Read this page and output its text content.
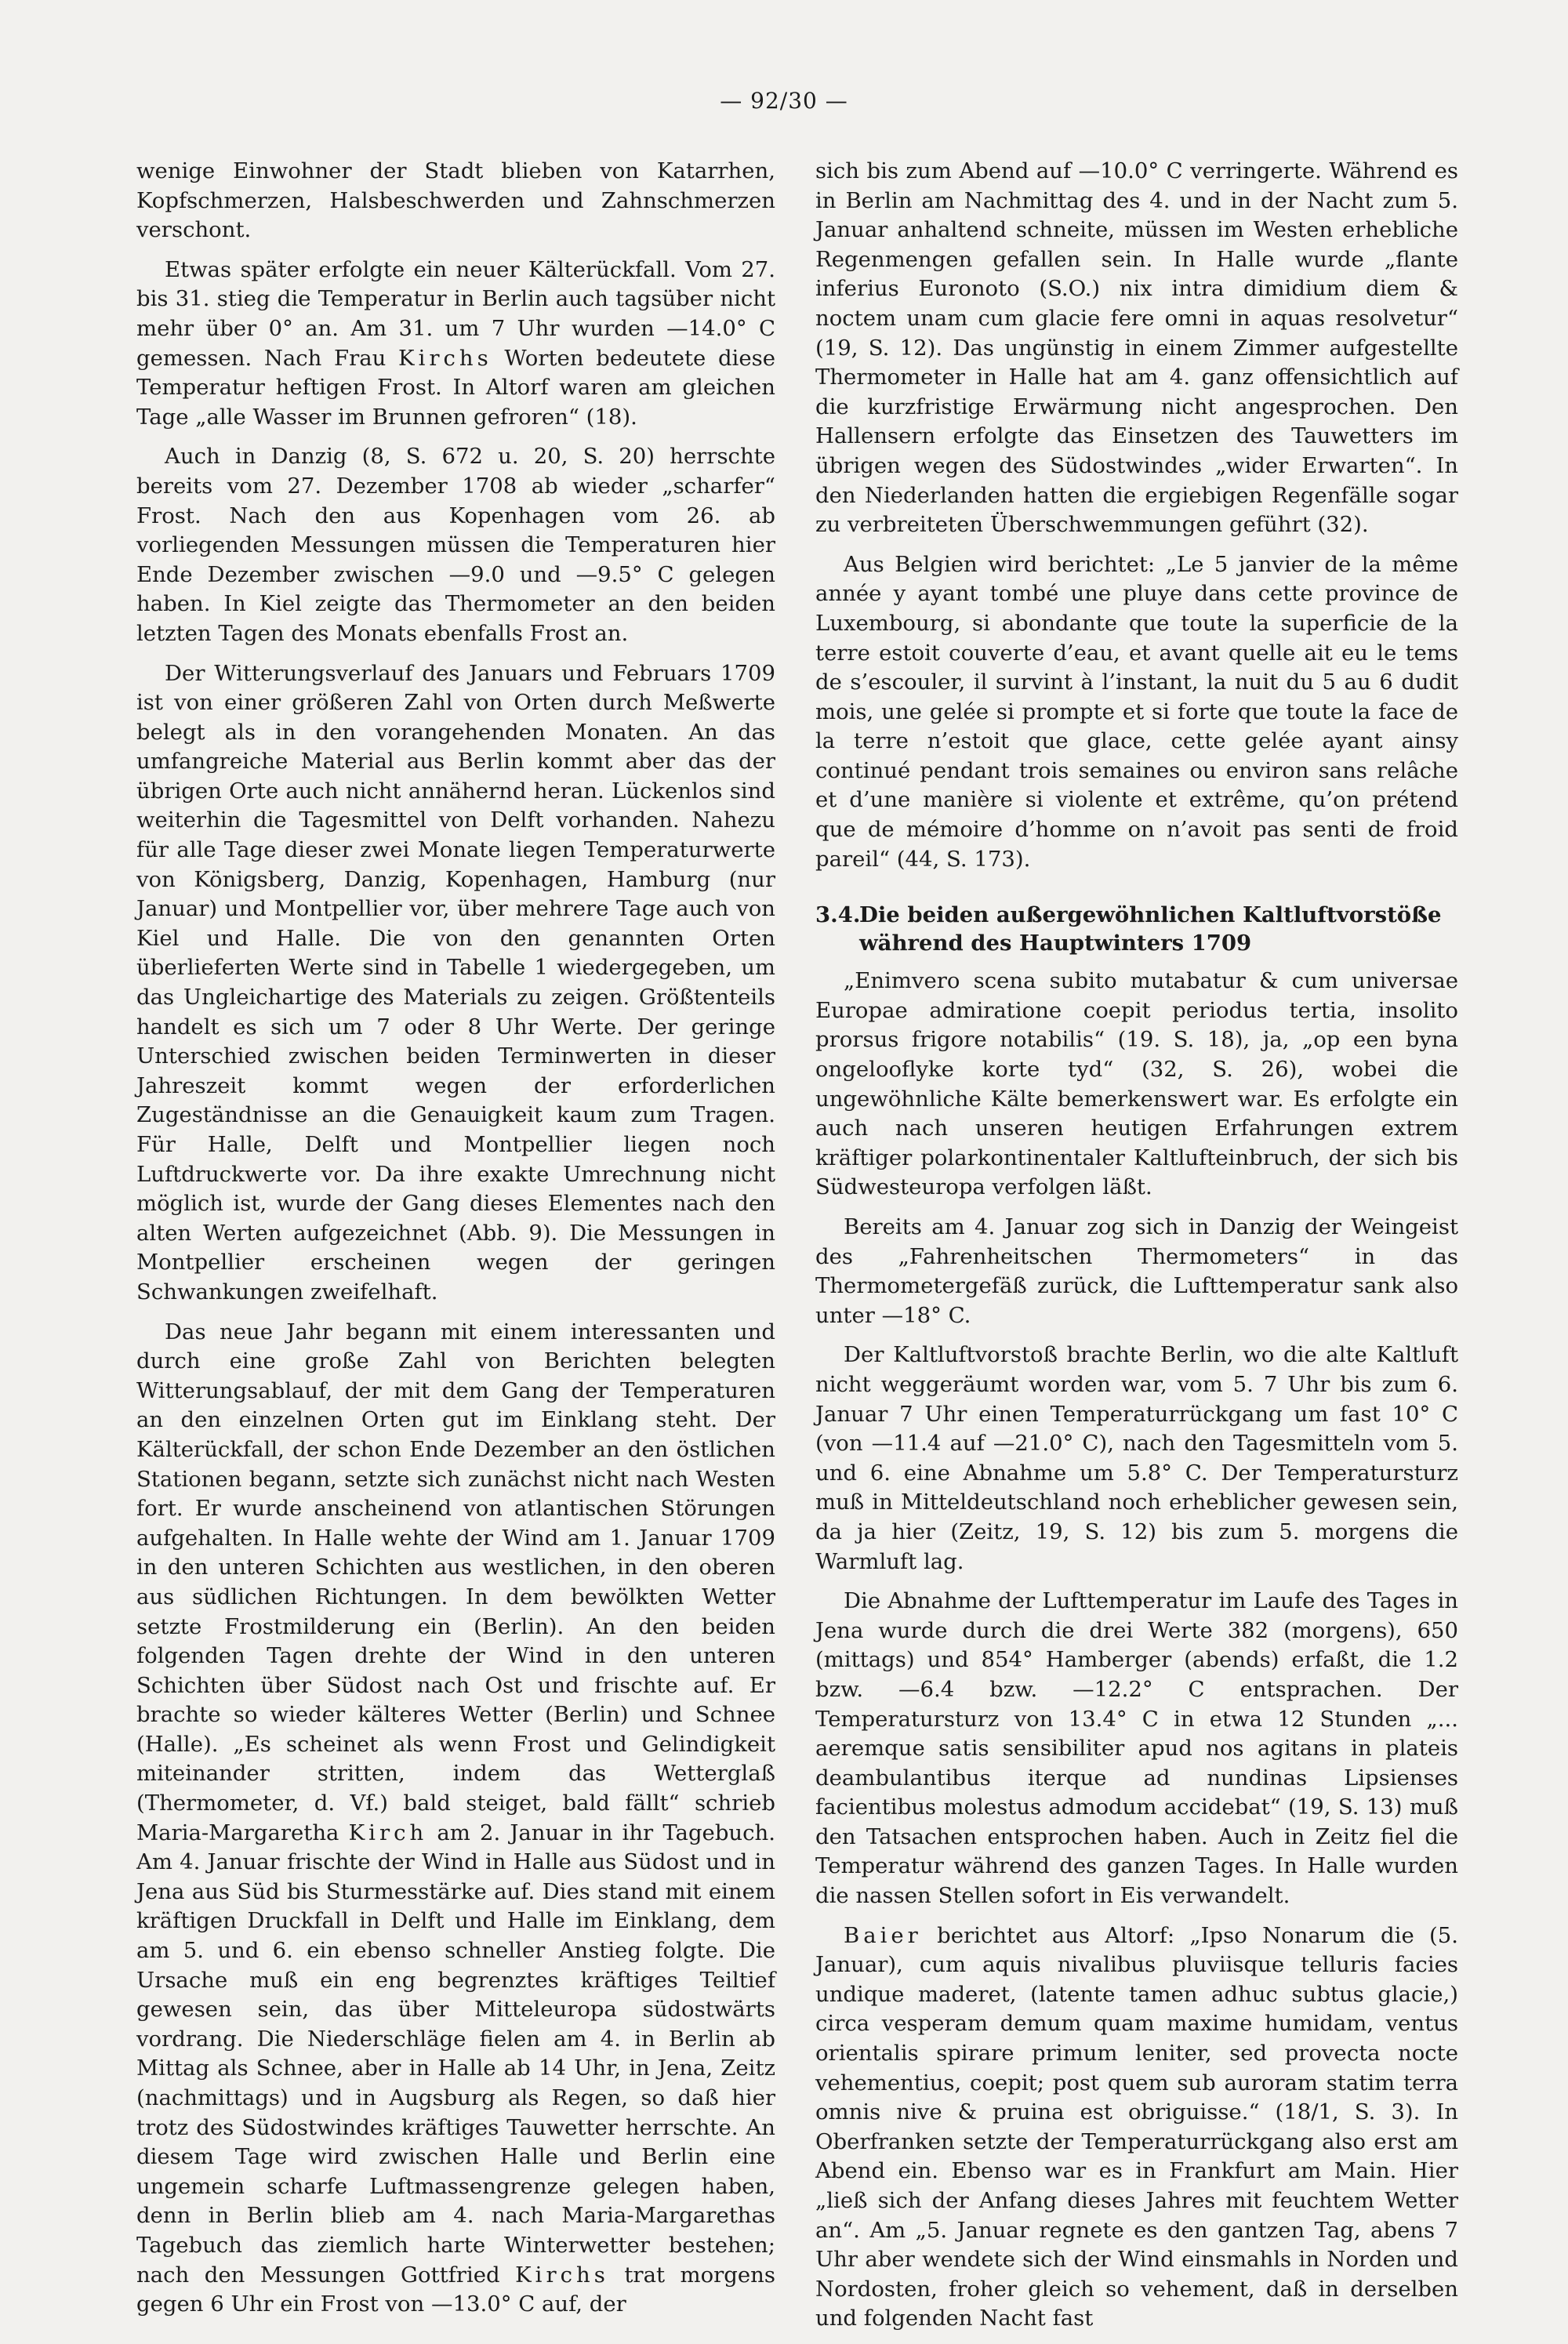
— 92/30 —

wenige Einwohner der Stadt blieben von Katarrhen, Kopfschmerzen, Halsbeschwerden und Zahnschmerzen verschont.

Etwas später erfolgte ein neuer Kälterückfall. Vom 27. bis 31. stieg die Temperatur in Berlin auch tagsüber nicht mehr über 0° an. Am 31. um 7 Uhr wurden —14.0° C gemessen. Nach Frau Kirchs Worten bedeutete diese Temperatur heftigen Frost. In Altorf waren am gleichen Tage „alle Wasser im Brunnen gefroren“ (18).

Auch in Danzig (8, S. 672 u. 20, S. 20) herrschte bereits vom 27. Dezember 1708 ab wieder „scharfer“ Frost. Nach den aus Kopenhagen vom 26. ab vorliegenden Messungen müssen die Temperaturen hier Ende Dezember zwischen —9.0 und —9.5° C gelegen haben. In Kiel zeigte das Thermometer an den beiden letzten Tagen des Monats ebenfalls Frost an.

Der Witterungsverlauf des Januars und Februars 1709 ist von einer größeren Zahl von Orten durch Meßwerte belegt als in den vorangehenden Monaten. An das umfangreiche Material aus Berlin kommt aber das der übrigen Orte auch nicht annähernd heran. Lückenlos sind weiterhin die Tagesmittel von Delft vorhanden. Nahezu für alle Tage dieser zwei Monate liegen Temperaturwerte von Königsberg, Danzig, Kopenhagen, Hamburg (nur Januar) und Montpellier vor, über mehrere Tage auch von Kiel und Halle. Die von den genannten Orten überlieferten Werte sind in Tabelle 1 wiedergegeben, um das Ungleichartige des Materials zu zeigen. Größtenteils handelt es sich um 7 oder 8 Uhr Werte. Der geringe Unterschied zwischen beiden Terminwerten in dieser Jahreszeit kommt wegen der erforderlichen Zugeständnisse an die Genauigkeit kaum zum Tragen. Für Halle, Delft und Montpellier liegen noch Luftdruckwerte vor. Da ihre exakte Umrechnung nicht möglich ist, wurde der Gang dieses Elementes nach den alten Werten aufgezeichnet (Abb. 9). Die Messungen in Montpellier erscheinen wegen der geringen Schwankungen zweifelhaft.

Das neue Jahr begann mit einem interessanten und durch eine große Zahl von Berichten belegten Witterungsablauf, der mit dem Gang der Temperaturen an den einzelnen Orten gut im Einklang steht. Der Kälterückfall, der schon Ende Dezember an den östlichen Stationen begann, setzte sich zunächst nicht nach Westen fort. Er wurde anscheinend von atlantischen Störungen aufgehalten. In Halle wehte der Wind am 1. Januar 1709 in den unteren Schichten aus westlichen, in den oberen aus südlichen Richtungen. In dem bewölkten Wetter setzte Frostmilderung ein (Berlin). An den beiden folgenden Tagen drehte der Wind in den unteren Schichten über Südost nach Ost und frischte auf. Er brachte so wieder kälteres Wetter (Berlin) und Schnee (Halle). „Es scheinet als wenn Frost und Gelindigkeit miteinander stritten, indem das Wetterglaß (Thermometer, d. Vf.) bald steiget, bald fällt“ schrieb Maria-Margaretha Kirch am 2. Januar in ihr Tagebuch. Am 4. Januar frischte der Wind in Halle aus Südost und in Jena aus Süd bis Sturmesstärke auf. Dies stand mit einem kräftigen Druckfall in Delft und Halle im Einklang, dem am 5. und 6. ein ebenso schneller Anstieg folgte. Die Ursache muß ein eng begrenztes kräftiges Teiltief gewesen sein, das über Mitteleuropa südostwärts vordrang. Die Niederschläge fielen am 4. in Berlin ab Mittag als Schnee, aber in Halle ab 14 Uhr, in Jena, Zeitz (nachmittags) und in Augsburg als Regen, so daß hier trotz des Südostwindes kräftiges Tauwetter herrschte. An diesem Tage wird zwischen Halle und Berlin eine ungemein scharfe Luftmassengrenze gelegen haben, denn in Berlin blieb am 4. nach Maria-Margarethas Tagebuch das ziemlich harte Winterwetter bestehen; nach den Messungen Gottfried Kirchs trat morgens gegen 6 Uhr ein Frost von —13.0° C auf, der

sich bis zum Abend auf —10.0° C verringerte. Während es in Berlin am Nachmittag des 4. und in der Nacht zum 5. Januar anhaltend schneite, müssen im Westen erhebliche Regenmengen gefallen sein. In Halle wurde „flante inferius Euronoto (S.O.) nix intra dimidium diem & noctem unam cum glacie fere omni in aquas resolvetur“ (19, S. 12). Das ungünstig in einem Zimmer aufgestellte Thermometer in Halle hat am 4. ganz offensichtlich auf die kurzfristige Erwärmung nicht angesprochen. Den Hallensern erfolgte das Einsetzen des Tauwetters im übrigen wegen des Südostwindes „wider Erwarten“. In den Niederlanden hatten die ergiebigen Regenfälle sogar zu verbreiteten Überschwemmungen geführt (32).

Aus Belgien wird berichtet: „Le 5 janvier de la même année y ayant tombé une pluye dans cette province de Luxembourg, si abondante que toute la superficie de la terre estoit couverte d’eau, et avant quelle ait eu le tems de s’escouler, il survint à l’instant, la nuit du 5 au 6 dudit mois, une gelée si prompte et si forte que toute la face de la terre n’estoit que glace, cette gelée ayant ainsy continué pendant trois semaines ou environ sans relâche et d’une manière si violente et extrême, qu’on prétend que de mémoire d’homme on n’avoit pas senti de froid pareil“ (44, S. 173).

3.4.
Die beiden außergewöhnlichen Kaltluftvorstöße während des Hauptwinters 1709

„Enimvero scena subito mutabatur & cum universae Europae admiratione coepit periodus tertia, insolito prorsus frigore notabilis“ (19. S. 18), ja, „op een byna ongelooflyke korte tyd“ (32, S. 26), wobei die ungewöhnliche Kälte bemerkenswert war. Es erfolgte ein auch nach unseren heutigen Erfahrungen extrem kräftiger polarkontinentaler Kaltlufteinbruch, der sich bis Südwesteuropa verfolgen läßt.

Bereits am 4. Januar zog sich in Danzig der Weingeist des „Fahrenheitschen Thermometers“ in das Thermometergefäß zurück, die Lufttemperatur sank also unter —18° C.

Der Kaltluftvorstoß brachte Berlin, wo die alte Kaltluft nicht weggeräumt worden war, vom 5. 7 Uhr bis zum 6. Januar 7 Uhr einen Temperaturrückgang um fast 10° C (von —11.4 auf —21.0° C), nach den Tagesmitteln vom 5. und 6. eine Abnahme um 5.8° C. Der Temperatursturz muß in Mitteldeutschland noch erheblicher gewesen sein, da ja hier (Zeitz, 19, S. 12) bis zum 5. morgens die Warmluft lag.

Die Abnahme der Lufttemperatur im Laufe des Tages in Jena wurde durch die drei Werte 382 (morgens), 650 (mittags) und 854° Hamberger (abends) erfaßt, die 1.2 bzw. —6.4 bzw. —12.2° C entsprachen. Der Temperatursturz von 13.4° C in etwa 12 Stunden „... aeremque satis sensibiliter apud nos agitans in plateis deambulantibus iterque ad nundinas Lipsienses facientibus molestus admodum accidebat“ (19, S. 13) muß den Tatsachen entsprochen haben. Auch in Zeitz fiel die Temperatur während des ganzen Tages. In Halle wurden die nassen Stellen sofort in Eis verwandelt.

Baier berichtet aus Altorf: „Ipso Nonarum die (5. Januar), cum aquis nivalibus pluviisque telluris facies undique maderet, (latente tamen adhuc subtus glacie,) circa vesperam demum quam maxime humidam, ventus orientalis spirare primum leniter, sed provecta nocte vehementius, coepit; post quem sub auroram statim terra omnis nive & pruina est obriguisse.“ (18/1, S. 3). In Oberfranken setzte der Temperaturrückgang also erst am Abend ein. Ebenso war es in Frankfurt am Main. Hier „ließ sich der Anfang dieses Jahres mit feuchtem Wetter an“. Am „5. Januar regnete es den gantzen Tag, abens 7 Uhr aber wendete sich der Wind einsmahls in Norden und Nordosten, froher gleich so vehement, daß in derselben und folgenden Nacht fast
